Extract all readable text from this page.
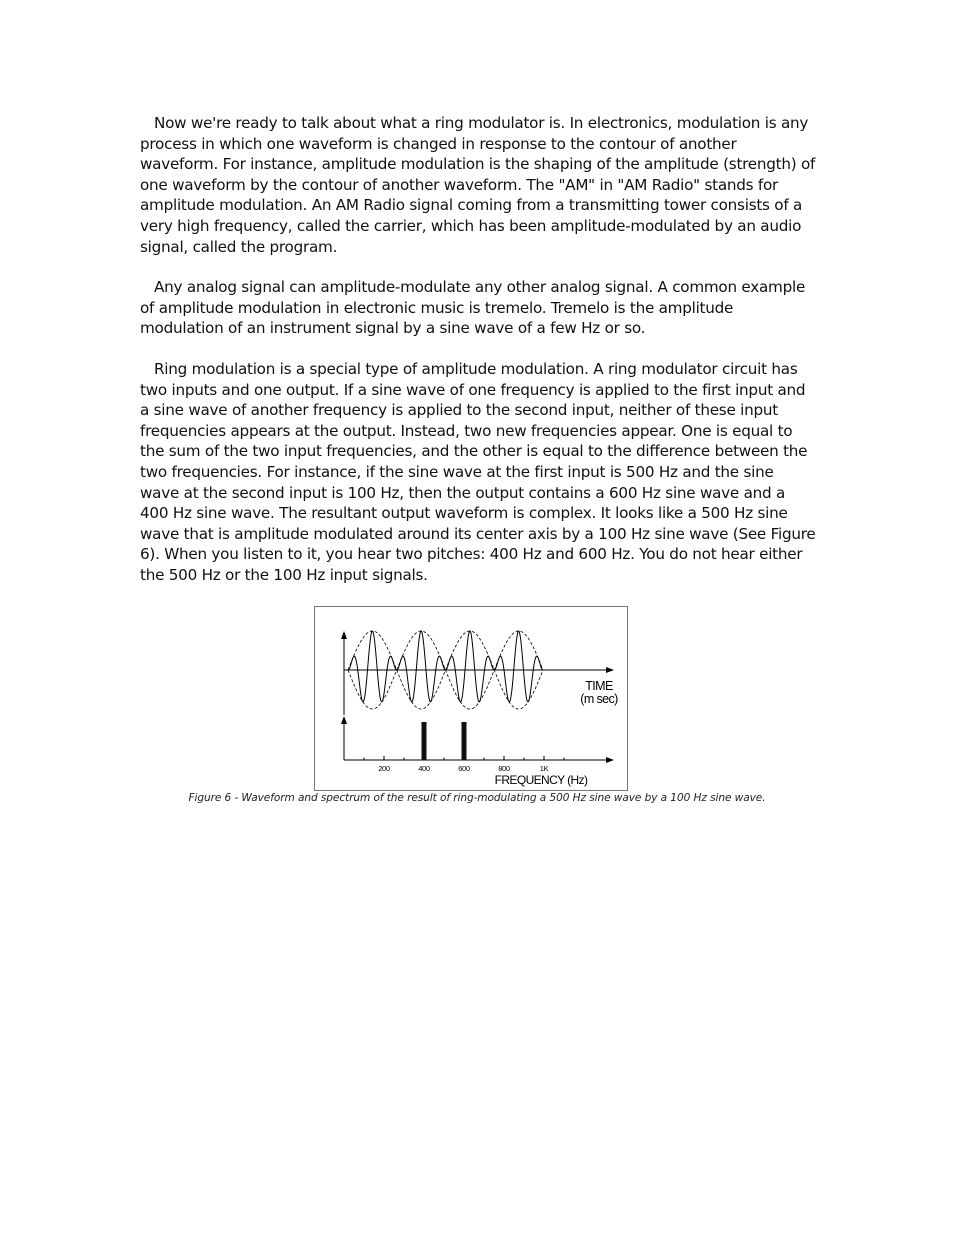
Now we're ready to talk about what a ring modulator is. In electronics, modulation is any process in which one waveform is changed in response to the contour of another waveform. For instance, amplitude modulation is the shaping of the amplitude (strength) of one waveform by the contour of another waveform. The "AM" in "AM Radio" stands for amplitude modulation. An AM Radio signal coming from a transmitting tower consists of a very high frequency, called the carrier, which has been amplitude-modulated by an audio signal, called the program.

Any analog signal can amplitude-modulate any other analog signal. A common example of amplitude modulation in electronic music is tremelo. Tremelo is the amplitude modulation of an instrument signal by a sine wave of a few Hz or so.

Ring modulation is a special type of amplitude modulation. A ring modulator circuit has two inputs and one output. If a sine wave of one frequency is applied to the first input and a sine wave of another frequency is applied to the second input, neither of these input frequencies appears at the output. Instead, two new frequencies appear. One is equal to the sum of the two input frequencies, and the other is equal to the difference between the two frequencies. For instance, if the sine wave at the first input is 500 Hz and the sine wave at the second input is 100 Hz, then the output contains a 600 Hz sine wave and a 400 Hz sine wave. The resultant output waveform is complex. It looks like a 500 Hz sine wave that is amplitude modulated around its center axis by a 100 Hz sine wave (See Figure 6). When you listen to it, you hear two pitches: 400 Hz and 600 Hz. You do not hear either the 500 Hz or the 100 Hz input signals.

TIME
(m sec)
200	400	600	800	1K
FREQUENCY (Hz)
Figure 6 - Waveform and spectrum of the result of ring-modulating a 500 Hz sine wave by a 100 Hz sine wave.
